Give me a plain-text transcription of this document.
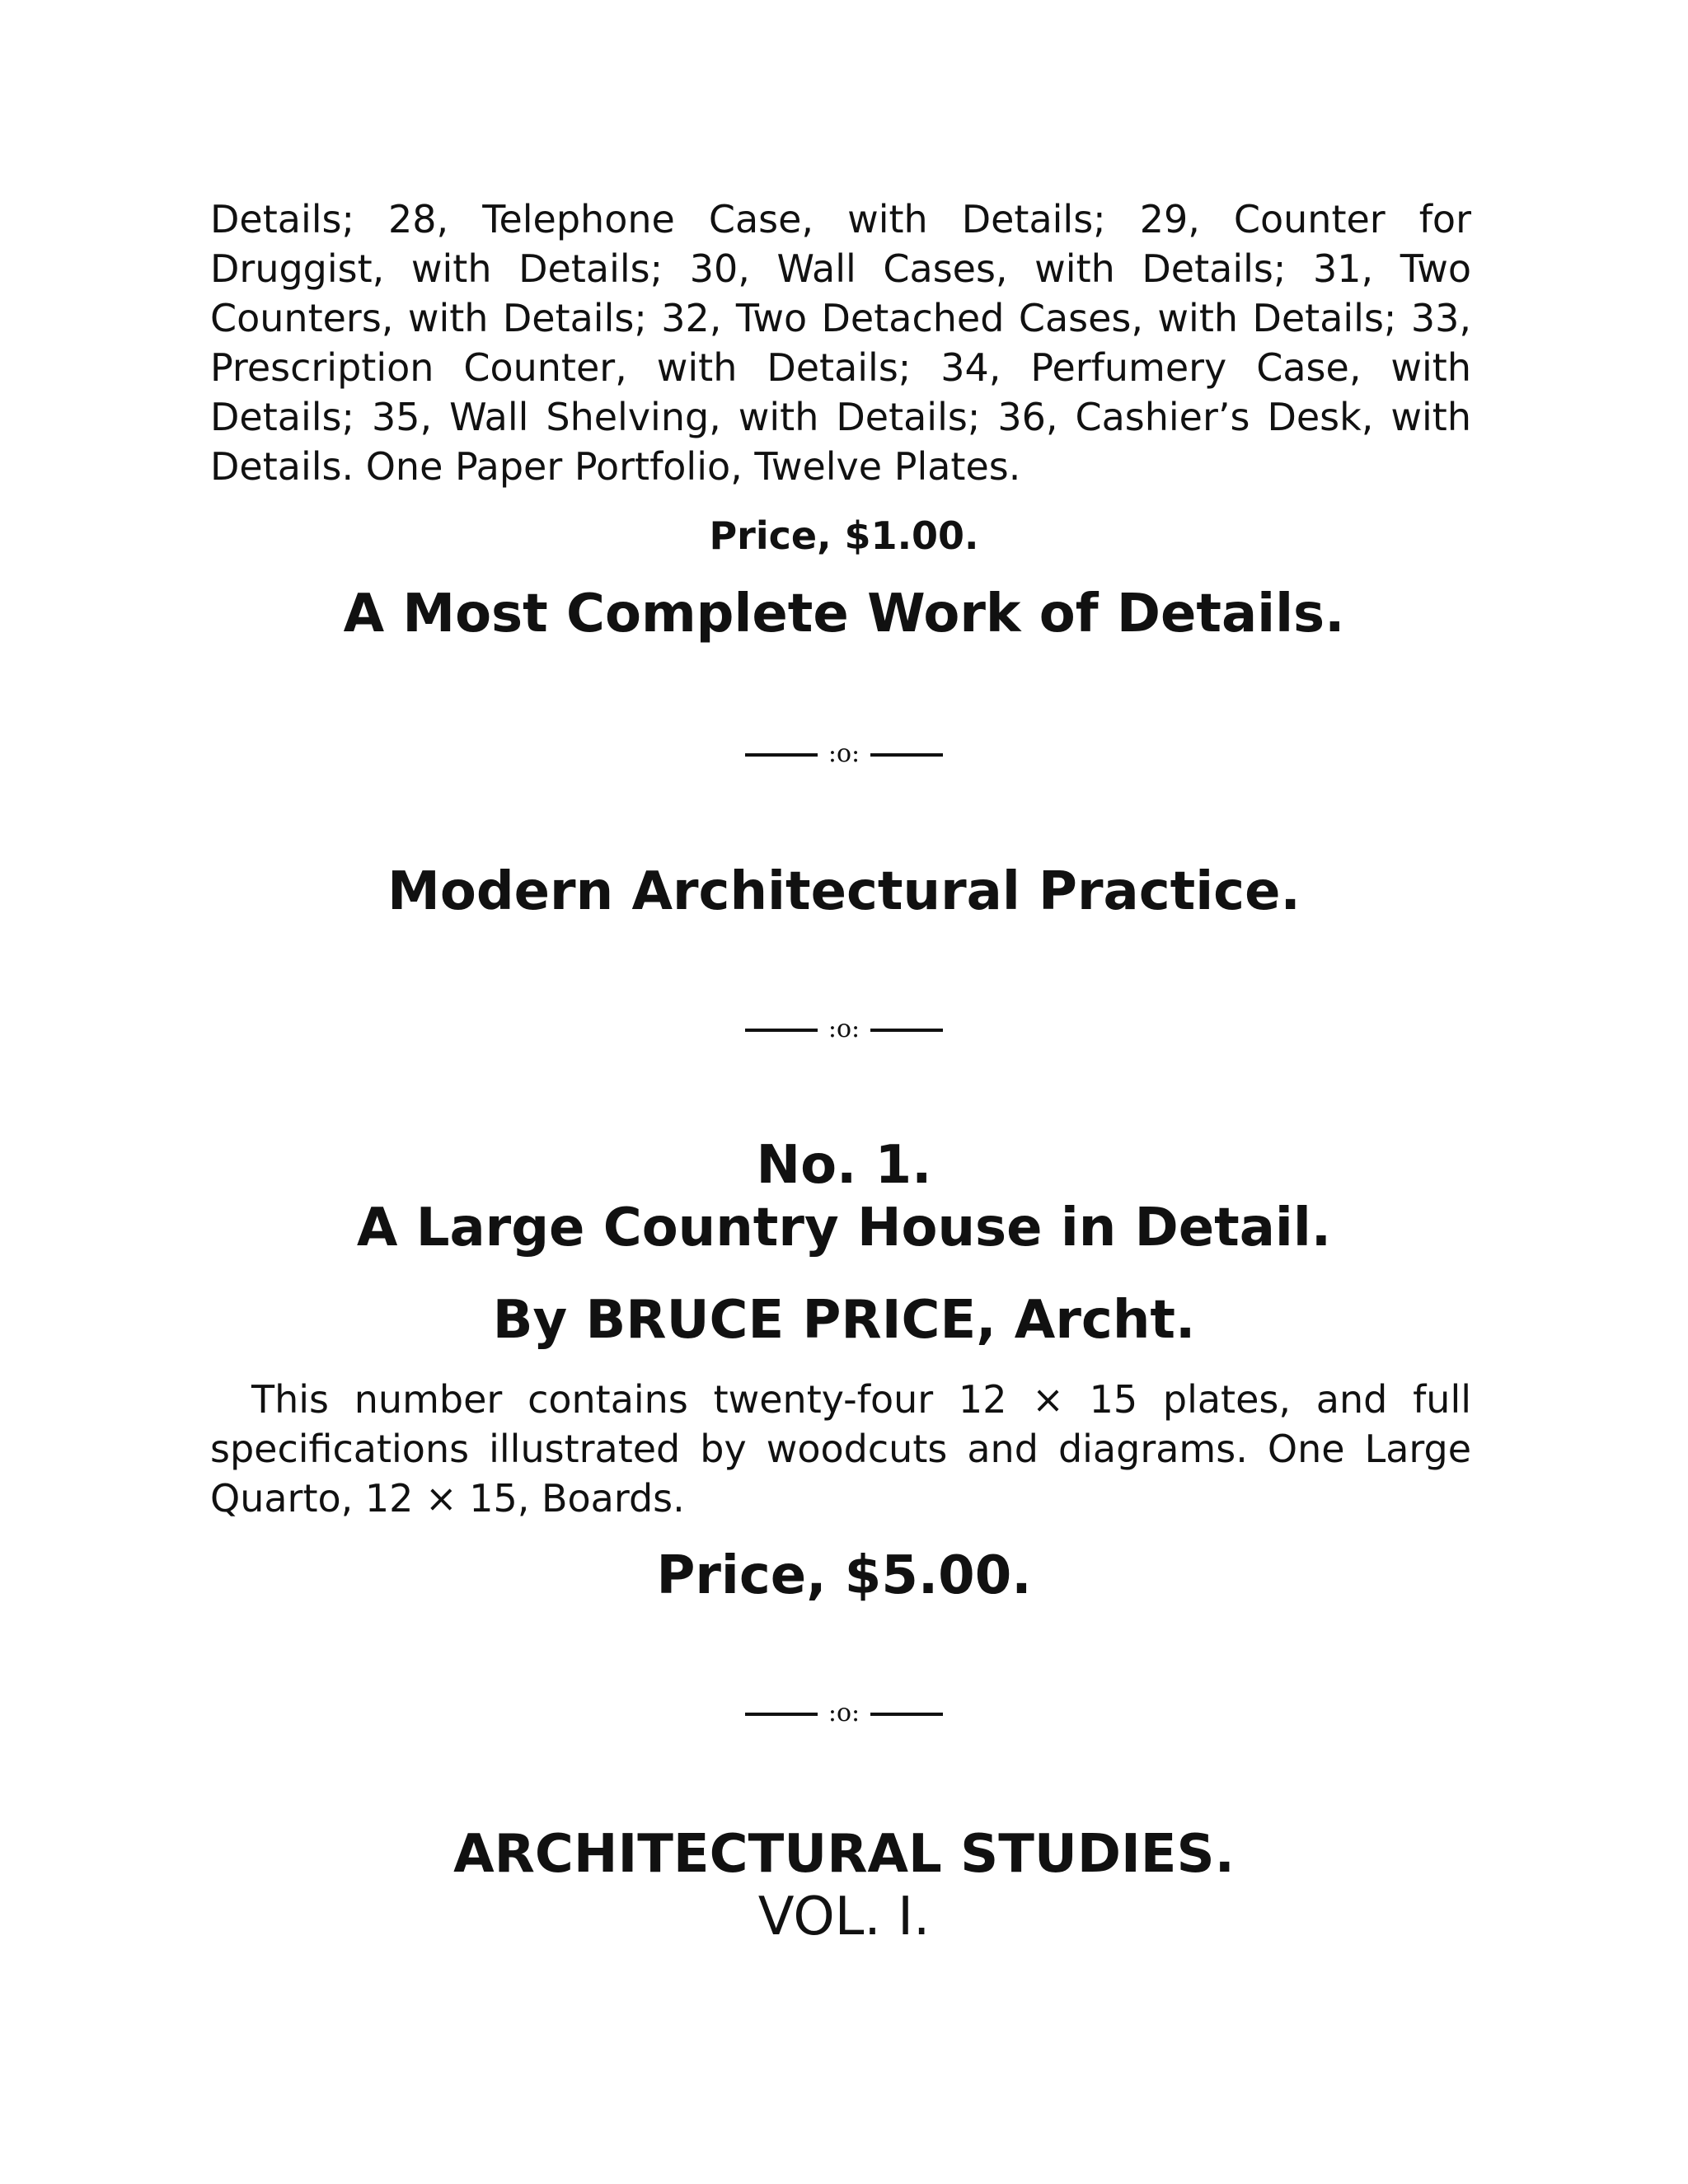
Details; 28, Telephone Case, with Details; 29, Counter for Druggist, with Details; 30, Wall Cases, with Details; 31, Two Counters, with Details; 32, Two Detached Cases, with Details; 33, Prescription Counter, with Details; 34, Perfumery Case, with Details; 35, Wall Shelving, with Details; 36, Cashier’s Desk, with Details. One Paper Portfolio, Twelve Plates.

Price, $1.00.
A Most Complete Work of Details.
:o:
Modern Architectural Practice.
:o:
No. 1.
A Large Country House in Detail.
By BRUCE PRICE, Archt.

This number contains twenty-four 12 × 15 plates, and full specifications illustrated by woodcuts and diagrams. One Large Quarto, 12 × 15, Boards.

Price, $5.00.
:o:
ARCHITECTURAL STUDIES.
VOL. I.
